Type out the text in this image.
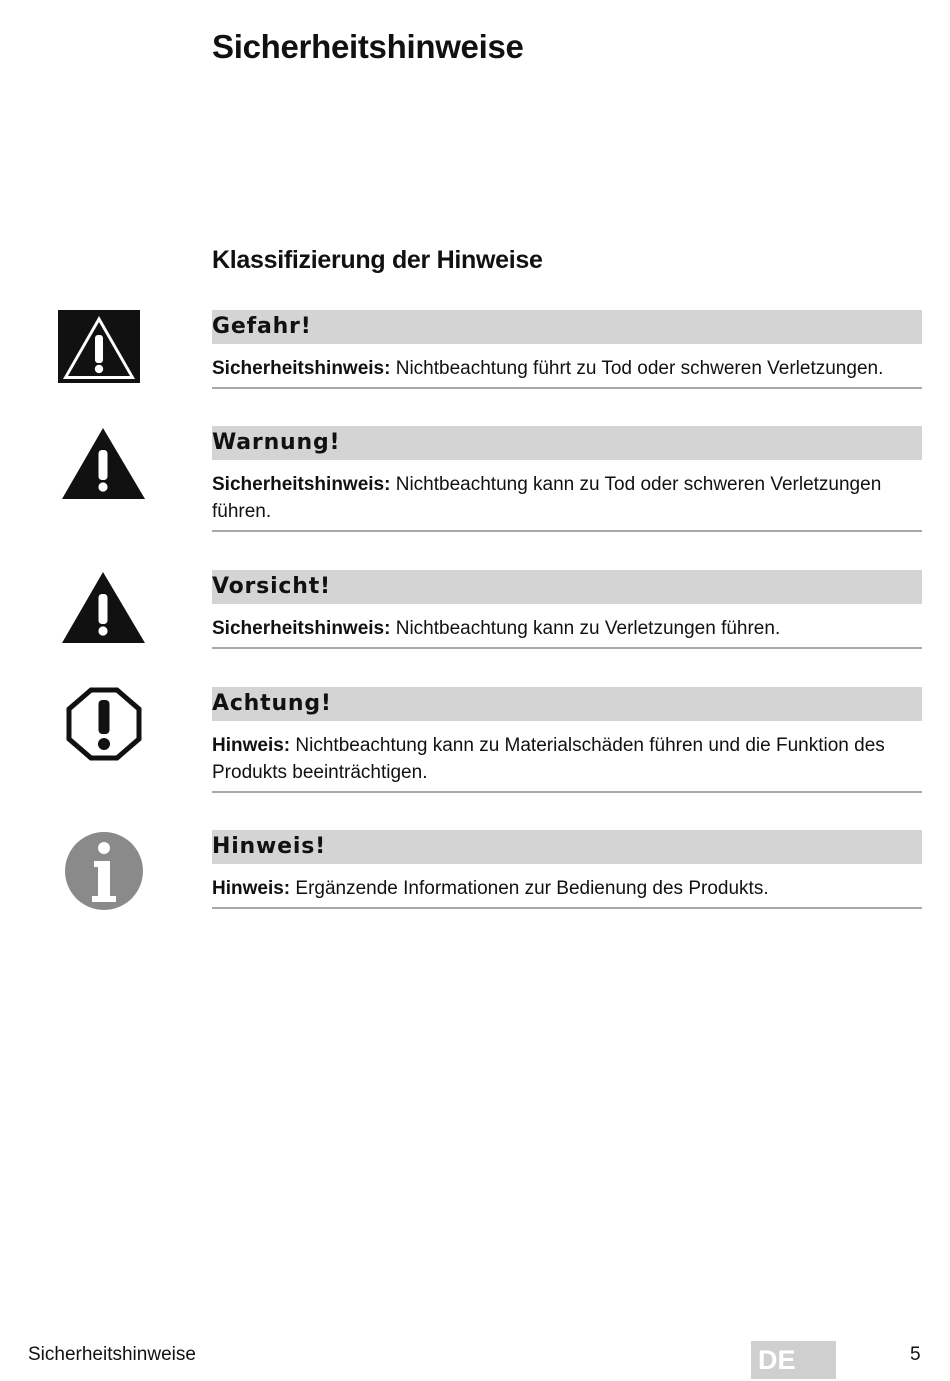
Sicherheitshinweise
Klassifizierung der Hinweise
Gefahr!
Sicherheitshinweis: Nichtbeachtung führt zu Tod oder schweren Verletzungen.
Warnung!
Sicherheitshinweis: Nichtbeachtung kann zu Tod oder schweren Verletzungen führen.
Vorsicht!
Sicherheitshinweis: Nichtbeachtung kann zu Verletzungen führen.
Achtung!
Hinweis: Nichtbeachtung kann zu Materialschäden führen und die Funktion des Produkts beeinträchtigen.
Hinweis!
Hinweis: Ergänzende Informationen zur Bedienung des Produkts.
Sicherheitshinweise	DE	5
